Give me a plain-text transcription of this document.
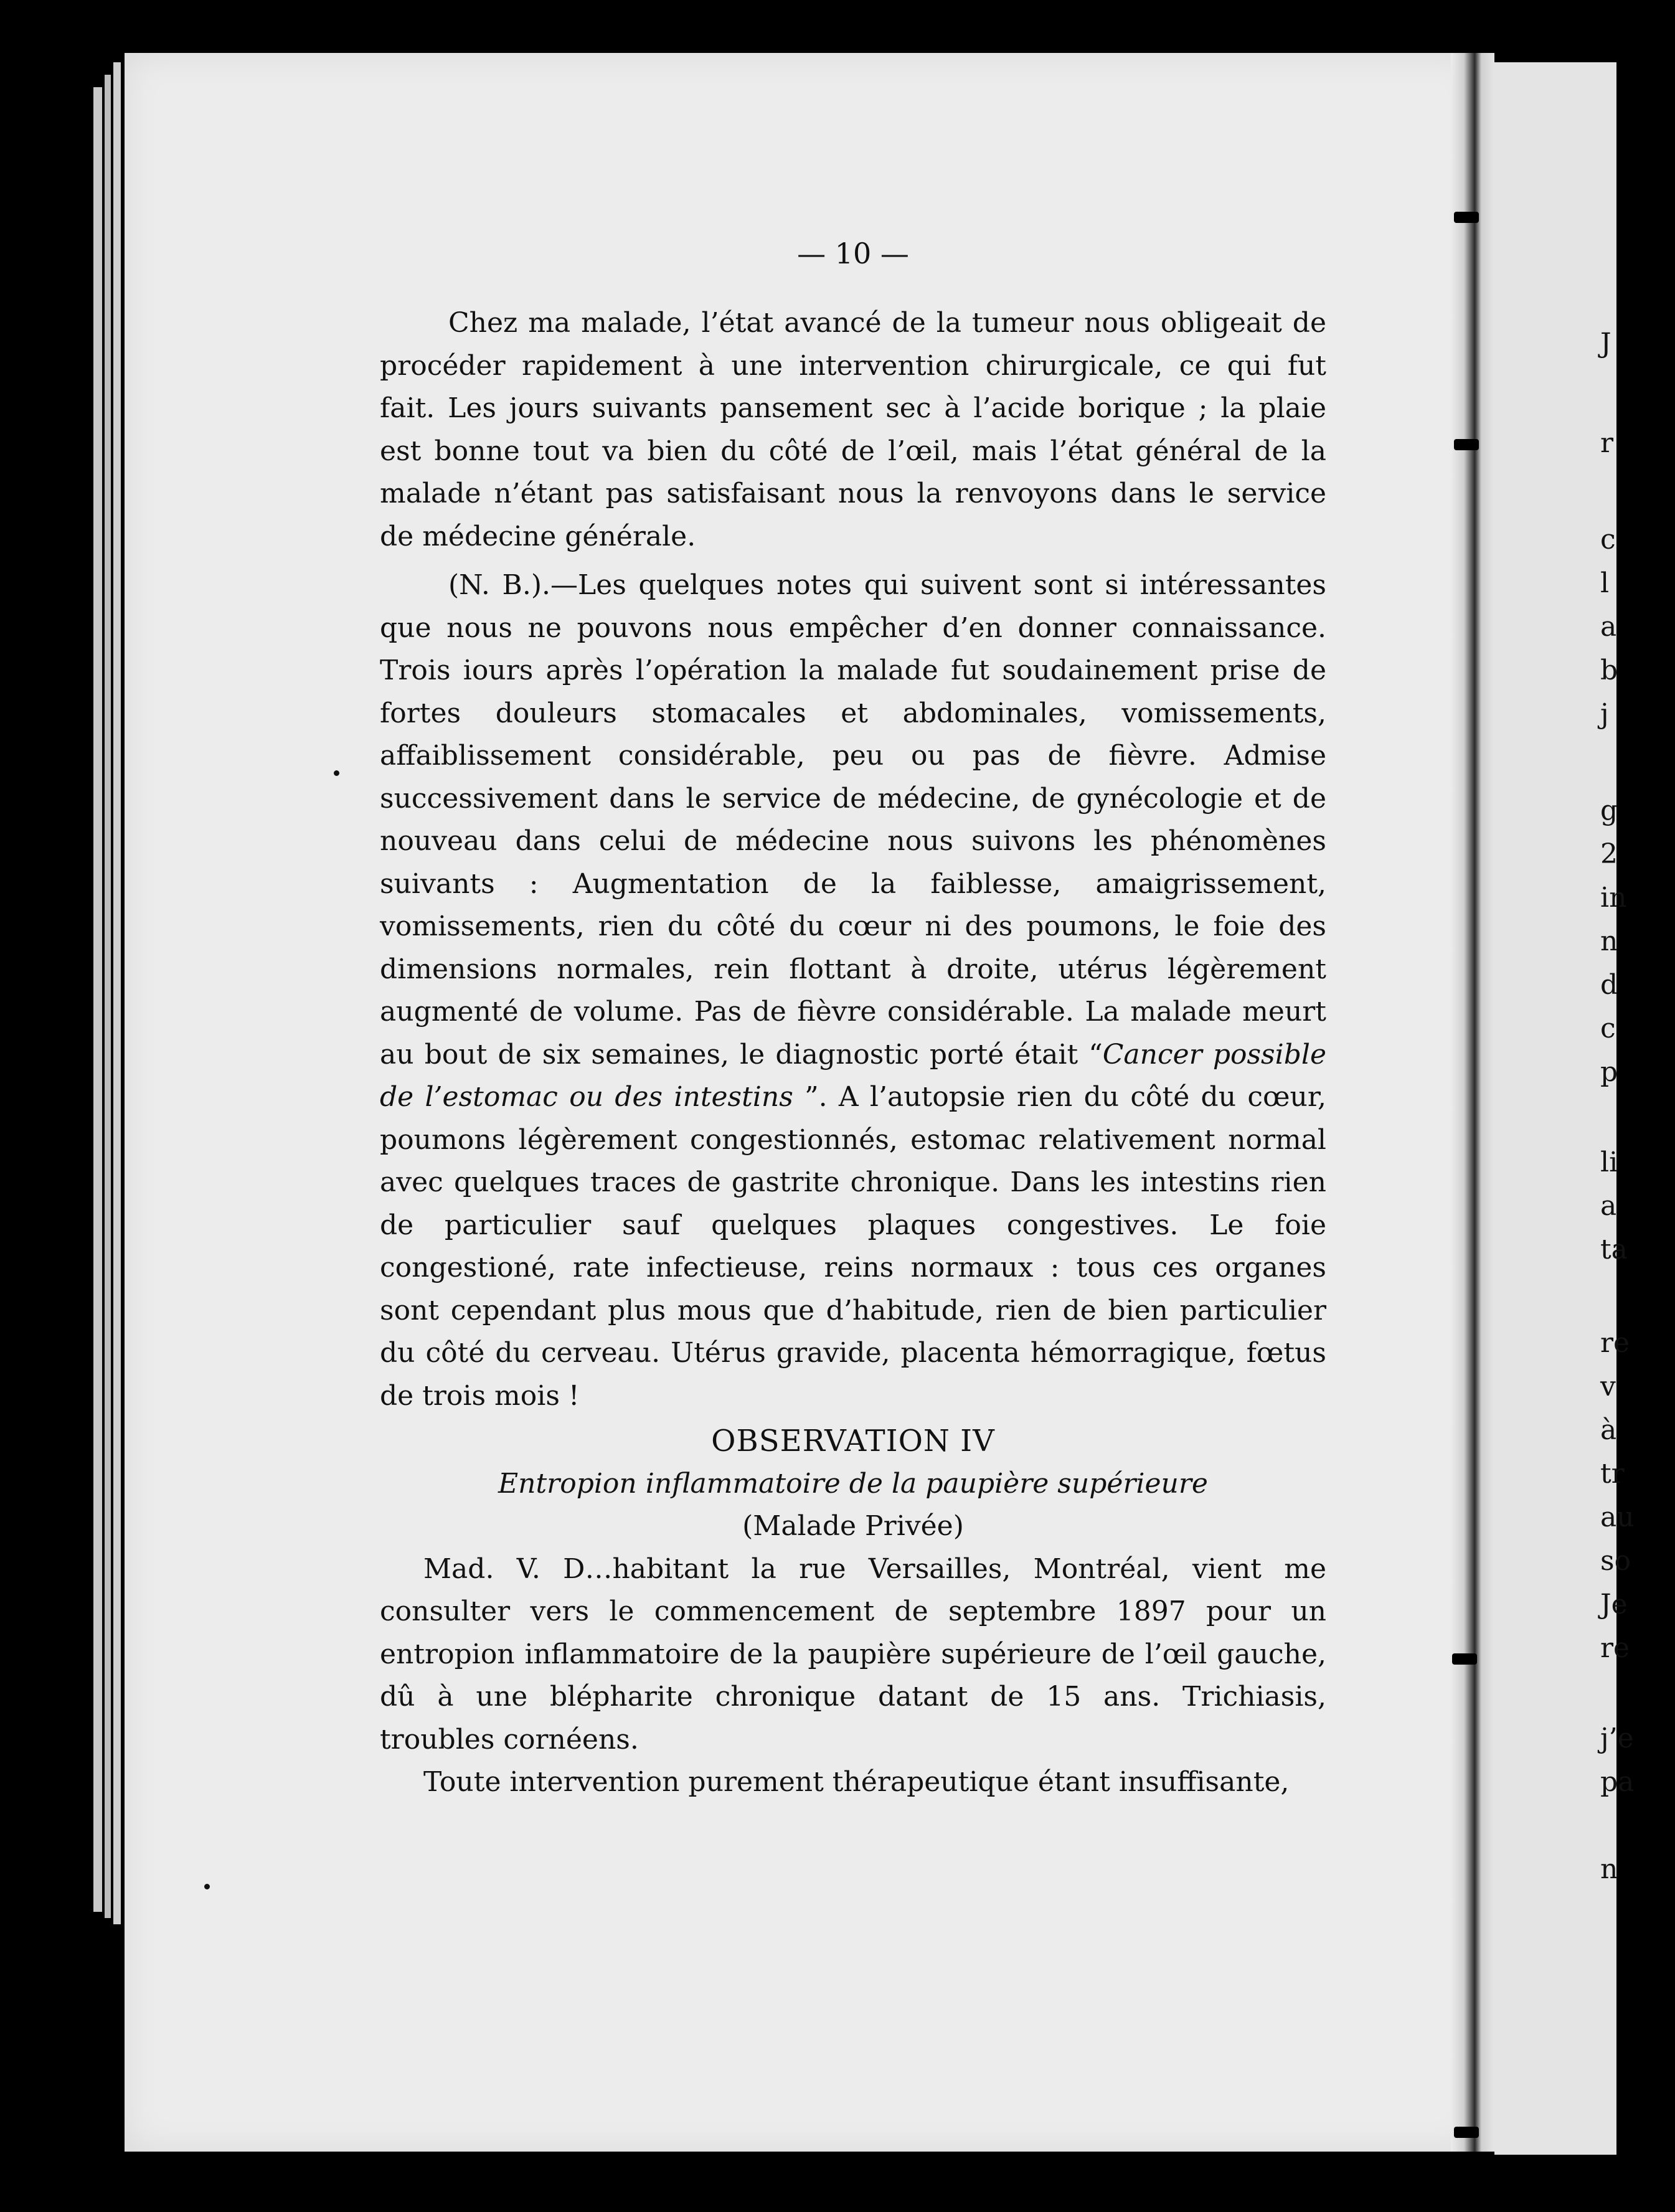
J
r
c
l
a
b
j
g
2
in
n
d
c
p
li
a
ta
re
v
à
tr
au
so
Je
re
j’e
pa
n
— 10 —

Chez ma malade, l’état avancé de la tumeur nous obligeait de procéder rapidement à une intervention chirurgicale, ce qui fut fait. Les jours suivants pansement sec à l’acide borique ; la plaie est bonne tout va bien du côté de l’œil, mais l’état général de la malade n’étant pas satisfaisant nous la renvoyons dans le service de médecine générale.

(N. B.).—Les quelques notes qui suivent sont si intéressantes que nous ne pouvons nous empêcher d’en donner connaissance. Trois iours après l’opération la malade fut soudainement prise de fortes douleurs stomacales et abdominales, vomissements, affaiblissement considérable, peu ou pas de fièvre. Admise successivement dans le service de médecine, de gynécologie et de nouveau dans celui de médecine nous suivons les phénomènes suivants : Augmentation de la faiblesse, amaigrissement, vomissements, rien du côté du cœur ni des poumons, le foie des dimensions normales, rein flottant à droite, utérus légèrement augmenté de volume. Pas de fièvre considérable. La malade meurt au bout de six semaines, le diagnostic porté était “Cancer possible de l’estomac ou des intestins ”. A l’autopsie rien du côté du cœur, poumons légèrement congestionnés, estomac relativement normal avec quelques traces de gastrite chronique. Dans les intestins rien de particulier sauf quelques plaques congestives. Le foie congestioné, rate infectieuse, reins normaux : tous ces organes sont cependant plus mous que d’habitude, rien de bien particulier du côté du cerveau. Utérus gravide, placenta hémorragique, fœtus de trois mois !

OBSERVATION IV

Entropion inflammatoire de la paupière supérieure

(Malade Privée)

Mad. V. D…habitant la rue Versailles, Montréal, vient me consulter vers le commencement de septembre 1897 pour un entropion inflammatoire de la paupière supérieure de l’œil gauche, dû à une blépharite chronique datant de 15 ans. Trichiasis, troubles cornéens.

Toute intervention purement thérapeutique étant insuffisante,
